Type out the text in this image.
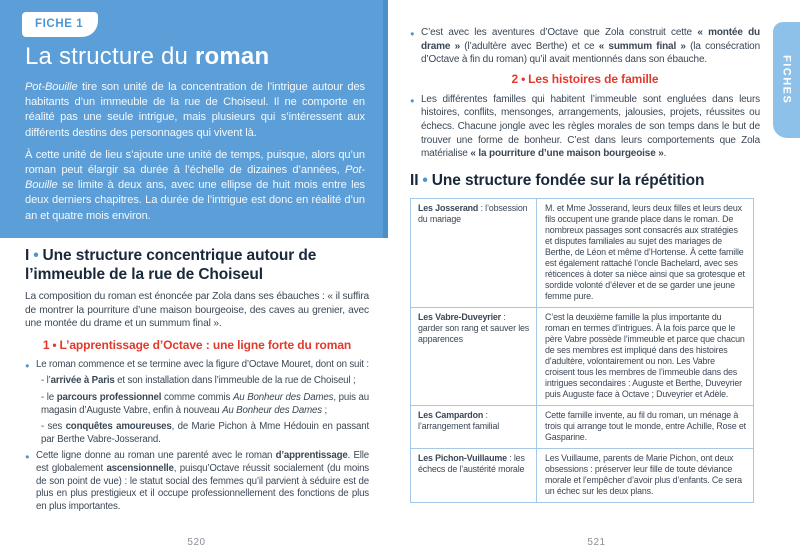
FICHE 1
La structure du roman

Pot-Bouille tire son unité de la concentration de l’intrigue autour des habitants d’un immeuble de la rue de Choiseul. Il ne comporte en réalité pas une seule intrigue, mais plusieurs qui s’intéressent aux différents destins des personnages qui vivent là.

À cette unité de lieu s’ajoute une unité de temps, puisque, alors qu’un roman peut élargir sa durée à l’échelle de dizaines d’années, Pot-Bouille se limite à deux ans, avec une ellipse de huit mois entre les deux derniers chapitres. La durée de l’intrigue est donc en réalité d’un an et quatre mois environ.

I • Une structure concentrique autour de l’immeuble de la rue de Choiseul

La composition du roman est énoncée par Zola dans ses ébauches : « il suffira de montrer la pourriture d’une maison bourgeoise, des caves au grenier, avec une montée du drame et un summum final ».

1 • L’apprentissage d’Octave : une ligne forte du roman

● Le roman commence et se termine avec la figure d’Octave Mouret, dont on suit :

- l’arrivée à Paris et son installation dans l’immeuble de la rue de Choiseul ;

- le parcours professionnel comme commis Au Bonheur des Dames, puis au magasin d’Auguste Vabre, enfin à nouveau Au Bonheur des Dames ;

- ses conquêtes amoureuses, de Marie Pichon à Mme Hédouin en passant par Berthe Vabre-Josserand.

● Cette ligne donne au roman une parenté avec le roman d’apprentissage. Elle est globalement ascensionnelle, puisqu’Octave réussit socialement (du moins de son point de vue) : le statut social des femmes qu’il parvient à séduire est de plus en plus prestigieux et il occupe professionnellement des fonctions de plus en plus importantes.

520
FICHES

● C’est avec les aventures d’Octave que Zola construit cette « montée du drame » (l’adultère avec Berthe) et ce « summum final » (la consécration d’Octave à fin du roman) qu’il avait mentionnés dans son ébauche.

2 • Les histoires de famille

● Les différentes familles qui habitent l’immeuble sont engluées dans leurs histoires, conflits, mensonges, arrangements, jalousies, projets, réussites ou échecs. Chacune jongle avec les règles morales de son temps dans le but de trouver une forme de bonheur. C’est dans leurs comportements que Zola matérialise « la pourriture d’une maison bourgeoise ».

II • Une structure fondée sur la répétition
Les Josserand : l’obsession du mariage
M. et Mme Josserand, leurs deux filles et leurs deux fils occupent une grande place dans le roman. De nombreux passages sont consacrés aux stratégies et disputes familiales au sujet des mariages de Berthe, de Léon et même d’Hortense. À cette famille est également rattaché l’oncle Bachelard, avec ses réticences à doter sa nièce ainsi que sa grotesque et sordide volonté d’élever et de se garder une jeune femme pure.
Les Vabre-Duveyrier : garder son rang et sauver les apparences
C’est la deuxième famille la plus importante du roman en termes d’intrigues. À la fois parce que le père Vabre possède l’immeuble et parce que chacun de ses membres est impliqué dans des histoires d’adultère, volontairement ou non. Les Vabre croisent tous les membres de l’immeuble dans des intrigues secondaires : Auguste et Berthe, Duveyrier puis Auguste face à Octave ; Duveyrier et Adèle.
Les Campardon : l’arrangement familial
Cette famille invente, au fil du roman, un ménage à trois qui arrange tout le monde, entre Achille, Rose et Gasparine.
Les Pichon-Vuillaume : les échecs de l’austérité morale
Les Vuillaume, parents de Marie Pichon, ont deux obsessions : préserver leur fille de toute déviance morale et l’empêcher d’avoir plus d’enfants. Ce sera un échec sur les deux plans.
521
